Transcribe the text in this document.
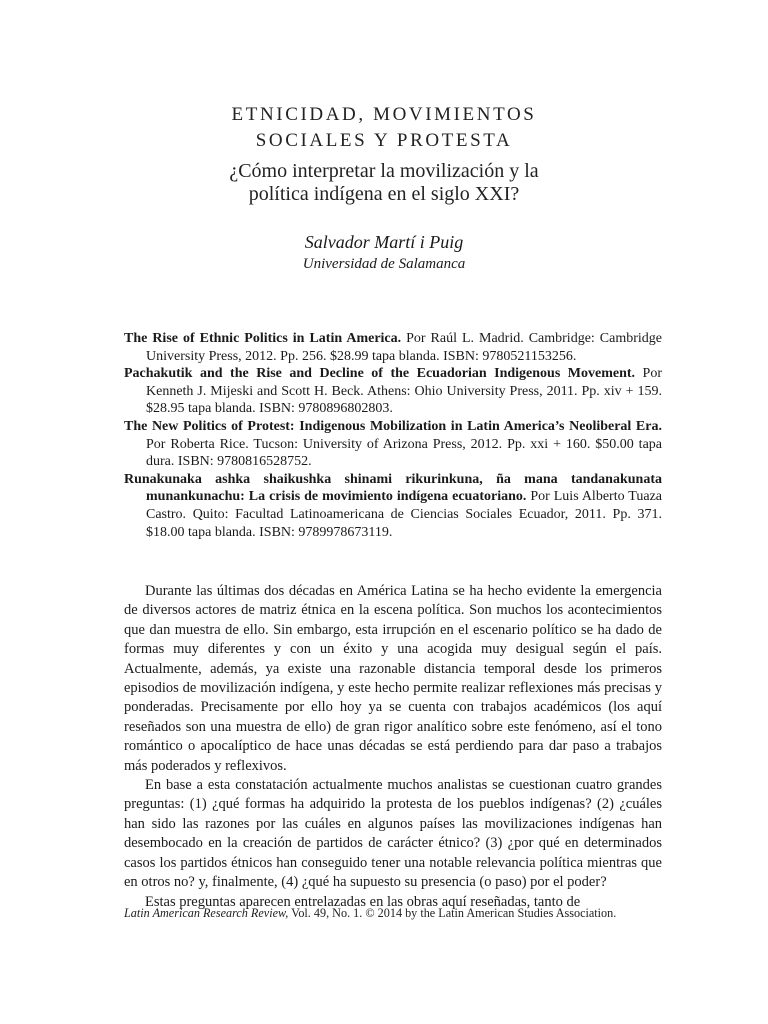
ETNICIDAD, MOVIMIENTOS
SOCIALES Y PROTESTA
¿Cómo interpretar la movilización y la
política indígena en el siglo XXI?
Salvador Martí i Puig
Universidad de Salamanca

The Rise of Ethnic Politics in Latin America. Por Raúl L. Madrid. Cambridge: Cambridge University Press, 2012. Pp. 256. $28.99 tapa blanda. ISBN: 9780521153256.

Pachakutik and the Rise and Decline of the Ecuadorian Indigenous Movement. Por Kenneth J. Mijeski and Scott H. Beck. Athens: Ohio University Press, 2011. Pp. xiv + 159. $28.95 tapa blanda. ISBN: 9780896802803.

The New Politics of Protest: Indigenous Mobilization in Latin America’s Neoliberal Era. Por Roberta Rice. Tucson: University of Arizona Press, 2012. Pp. xxi + 160. $50.00 tapa dura. ISBN: 9780816528752.

Runakunaka ashka shaikushka shinami rikurinkuna, ña mana tandanakunata munankunachu: La crisis de movimiento indígena ecuatoriano. Por Luis Alberto Tuaza Castro. Quito: Facultad Latinoamericana de Ciencias Sociales Ecuador, 2011. Pp. 371. $18.00 tapa blanda. ISBN: 9789978673119.

Durante las últimas dos décadas en América Latina se ha hecho evidente la emergencia de diversos actores de matriz étnica en la escena política. Son muchos los acontecimientos que dan muestra de ello. Sin embargo, esta irrupción en el escenario político se ha dado de formas muy diferentes y con un éxito y una acogida muy desigual según el país. Actualmente, además, ya existe una razonable distancia temporal desde los primeros episodios de movilización indígena, y este hecho permite realizar reflexiones más precisas y ponderadas. Precisamente por ello hoy ya se cuenta con trabajos académicos (los aquí reseñados son una muestra de ello) de gran rigor analítico sobre este fenómeno, así el tono romántico o apocalíptico de hace unas décadas se está perdiendo para dar paso a trabajos más poderados y reflexivos.

En base a esta constatación actualmente muchos analistas se cuestionan cuatro grandes preguntas: (1) ¿qué formas ha adquirido la protesta de los pueblos indígenas? (2) ¿cuáles han sido las razones por las cuáles en algunos países las movilizaciones indígenas han desembocado en la creación de partidos de carácter étnico? (3) ¿por qué en determinados casos los partidos étnicos han conseguido tener una notable relevancia política mientras que en otros no? y, finalmente, (4) ¿qué ha supuesto su presencia (o paso) por el poder?

Estas preguntas aparecen entrelazadas en las obras aquí reseñadas, tanto de

Latin American Research Review, Vol. 49, No. 1. © 2014 by the Latin American Studies Association.
